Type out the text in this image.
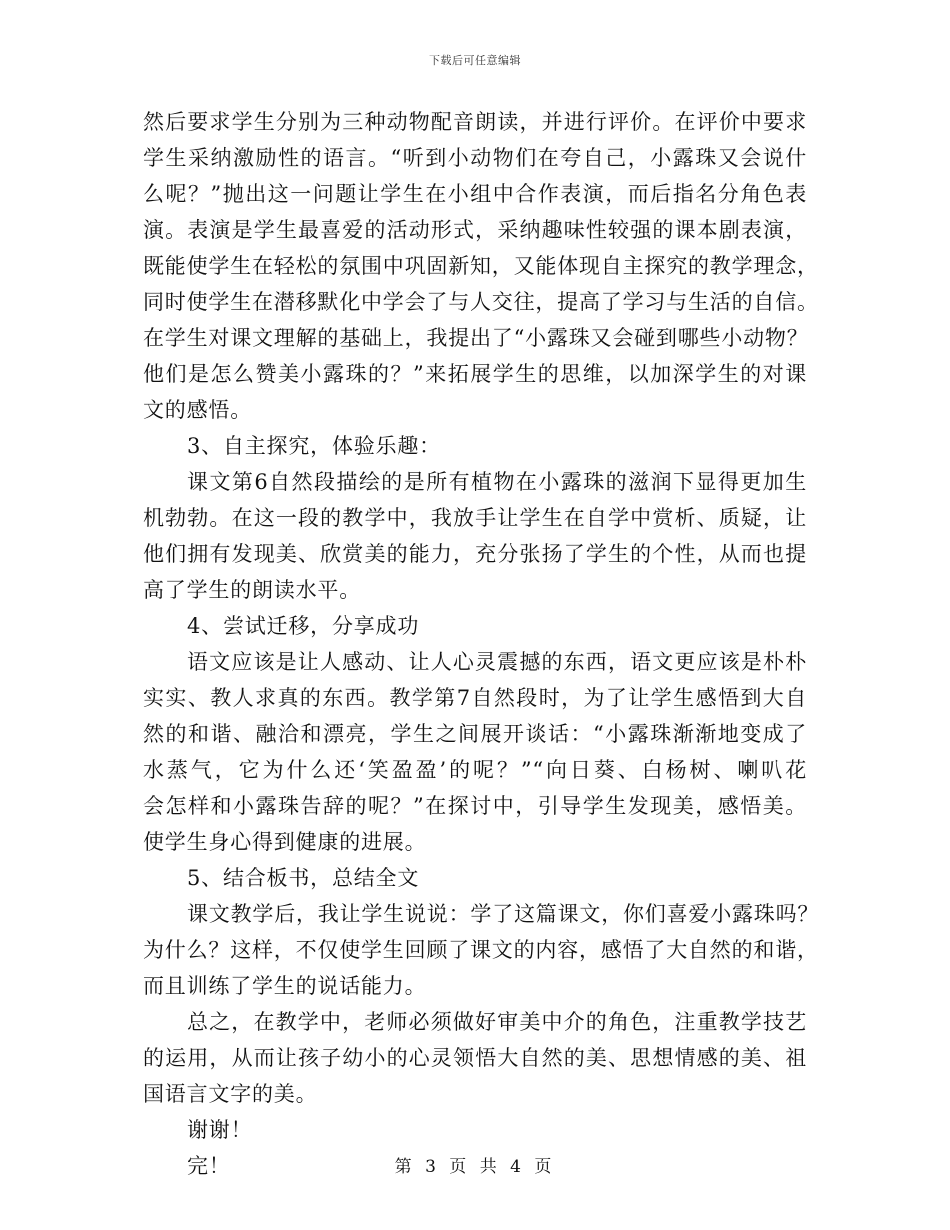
下载后可任意编辑
然后要求学生分别为三种动物配音朗读，并进行评价。在评价中要求
学生采纳激励性的语言。“听到小动物们在夸自己，小露珠又会说什
么呢？”抛出这一问题让学生在小组中合作表演，而后指名分角色表
演。表演是学生最喜爱的活动形式，采纳趣味性较强的课本剧表演，
既能使学生在轻松的氛围中巩固新知，又能体现自主探究的教学理念，
同时使学生在潜移默化中学会了与人交往，提高了学习与生活的自信。
在学生对课文理解的基础上，我提出了“小露珠又会碰到哪些小动物？
他们是怎么赞美小露珠的？”来拓展学生的思维，以加深学生的对课
文的感悟。
3、自主探究，体验乐趣：
课文第6自然段描绘的是所有植物在小露珠的滋润下显得更加生
机勃勃。在这一段的教学中，我放手让学生在自学中赏析、质疑，让
他们拥有发现美、欣赏美的能力，充分张扬了学生的个性，从而也提
高了学生的朗读水平。
4、尝试迁移，分享成功
语文应该是让人感动、让人心灵震撼的东西，语文更应该是朴朴
实实、教人求真的东西。教学第7自然段时，为了让学生感悟到大自
然的和谐、融洽和漂亮，学生之间展开谈话：“小露珠渐渐地变成了
水蒸气，它为什么还‘笑盈盈’的呢？”“向日葵、白杨树、喇叭花
会怎样和小露珠告辞的呢？”在探讨中，引导学生发现美，感悟美。
使学生身心得到健康的进展。
5、结合板书，总结全文
课文教学后，我让学生说说：学了这篇课文，你们喜爱小露珠吗？
为什么？这样，不仅使学生回顾了课文的内容，感悟了大自然的和谐，
而且训练了学生的说话能力。
总之，在教学中，老师必须做好审美中介的角色，注重教学技艺
的运用，从而让孩子幼小的心灵领悟大自然的美、思想情感的美、祖
国语言文字的美。
谢谢！
完！	第 3 页 共 4 页
